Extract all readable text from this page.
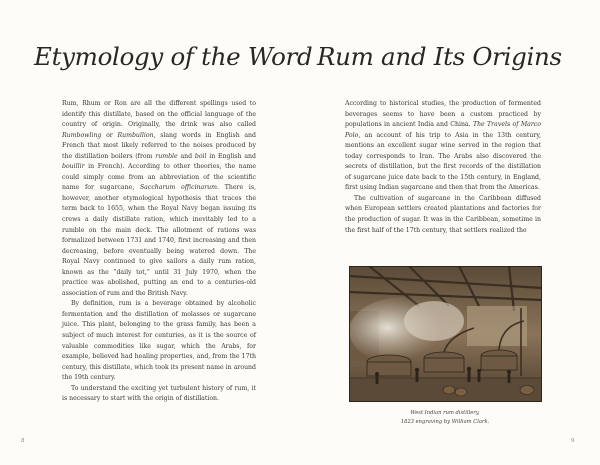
Etymology of the Word

Rum, Rhum or Ron are all the different spellings used to identify this distillate, based on the official language of the country of origin. Originally, the drink was also called Rumbowling or Rumbullion, slang words in English and French that most likely referred to the noises produced by the distillation boilers (from rumble and boil in English and bouillir in French). According to other theories, the name could simply come from an abbreviation of the scientific name for sugarcane, Saccharum officinarum. There is, however, another etymological hypothesis that traces the term back to 1655, when the Royal Navy began issuing its crews a daily distillate ration, which inevitably led to a rumble on the main deck. The allotment of rations was formalized between 1731 and 1740, first increasing and then decreasing, before eventually being watered down. The Royal Navy continued to give sailors a daily rum ration, known as the “daily tot,” until 31 July 1970, when the practice was abolished, putting an end to a centuries-old association of rum and the British Navy.

By definition, rum is a beverage obtained by alcoholic fermentation and the distillation of molasses or sugarcane juice. This plant, belonging to the grass family, has been a subject of much interest for centuries, as it is the source of valuable commodities like sugar, which the Arabs, for example, believed had healing properties, and, from the 17th century, this distillate, which took its present name in around the 19th century.

To understand the exciting yet turbulent history of rum, it is necessary to start with the origin of distillation.

8
Rum and Its Origins

According to historical studies, the production of fermented beverages seems to have been a custom practiced by populations in ancient India and China. The Travels of Marco Polo, an account of his trip to Asia in the 13th century, mentions an excellent sugar wine served in the region that today corresponds to Iran. The Arabs also discovered the secrets of distillation, but the first records of the distillation of sugarcane juice date back to the 15th century, in England, first using Indian sugarcane and then that from the Americas.

The cultivation of sugarcane in the Caribbean diffused when European settlers created plantations and factories for the production of sugar. It was in the Caribbean, sometime in the first half of the 17th century, that settlers realized the

West Indian rum distillery,
1823 engraving by William Clark.
9
